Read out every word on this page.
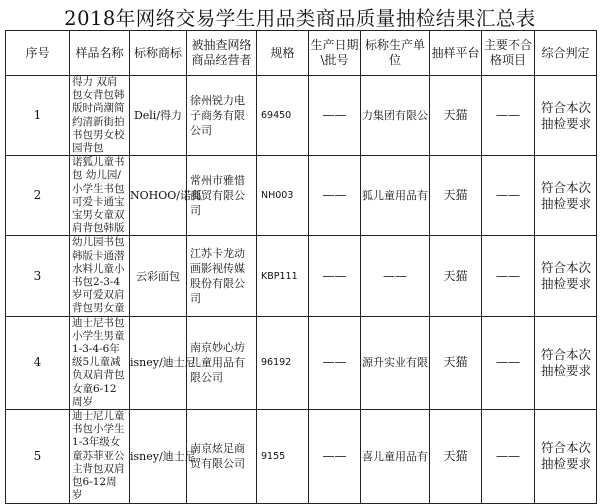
2018年网络交易学生用品类商品质量抽检结果汇总表
序号	样品名称	标称商标	被抽查网络商品经营者	规格	生产日期\批号	标称生产单位	抽样平台	主要不合格项目	综合判定
1	得力 双肩包女背包韩版时尚潮简约清新街拍书包男女校园背包	Deli/得力	徐州锐力电子商务有限公司	69450	——	力集团有限公	天猫	——	符合本次抽检要求
2	诺狐儿童书包 幼儿园/小学生书包可爱卡通宝宝男女童双肩背包韩版	NOHOO/诺狐	常州市雅惜商贸有限公司	NH003	——	狐儿童用品有	天猫	——	符合本次抽检要求
3	幼儿园书包韩版卡通潜水料儿童小书包2-3-4岁可爱双肩背包男女童	云彩面包	江苏卡龙动画影视传媒股份有限公司	KBP111	——	——	天猫	——	符合本次抽检要求
4	迪士尼书包小学生男童1-3-4-6年级5儿童减负双肩背包女童6-12周岁	isney/迪士尼	南京妙心坊儿童用品有限公司	96192	——	源升实业有限	天猫	——	符合本次抽检要求
5	迪士尼儿童书包小学生1-3年级女童苏菲亚公主背包双肩包6-12周岁	isney/迪士尼	南京炫足商贸有限公司	9155	——	喜儿童用品有	天猫	——	符合本次抽检要求
